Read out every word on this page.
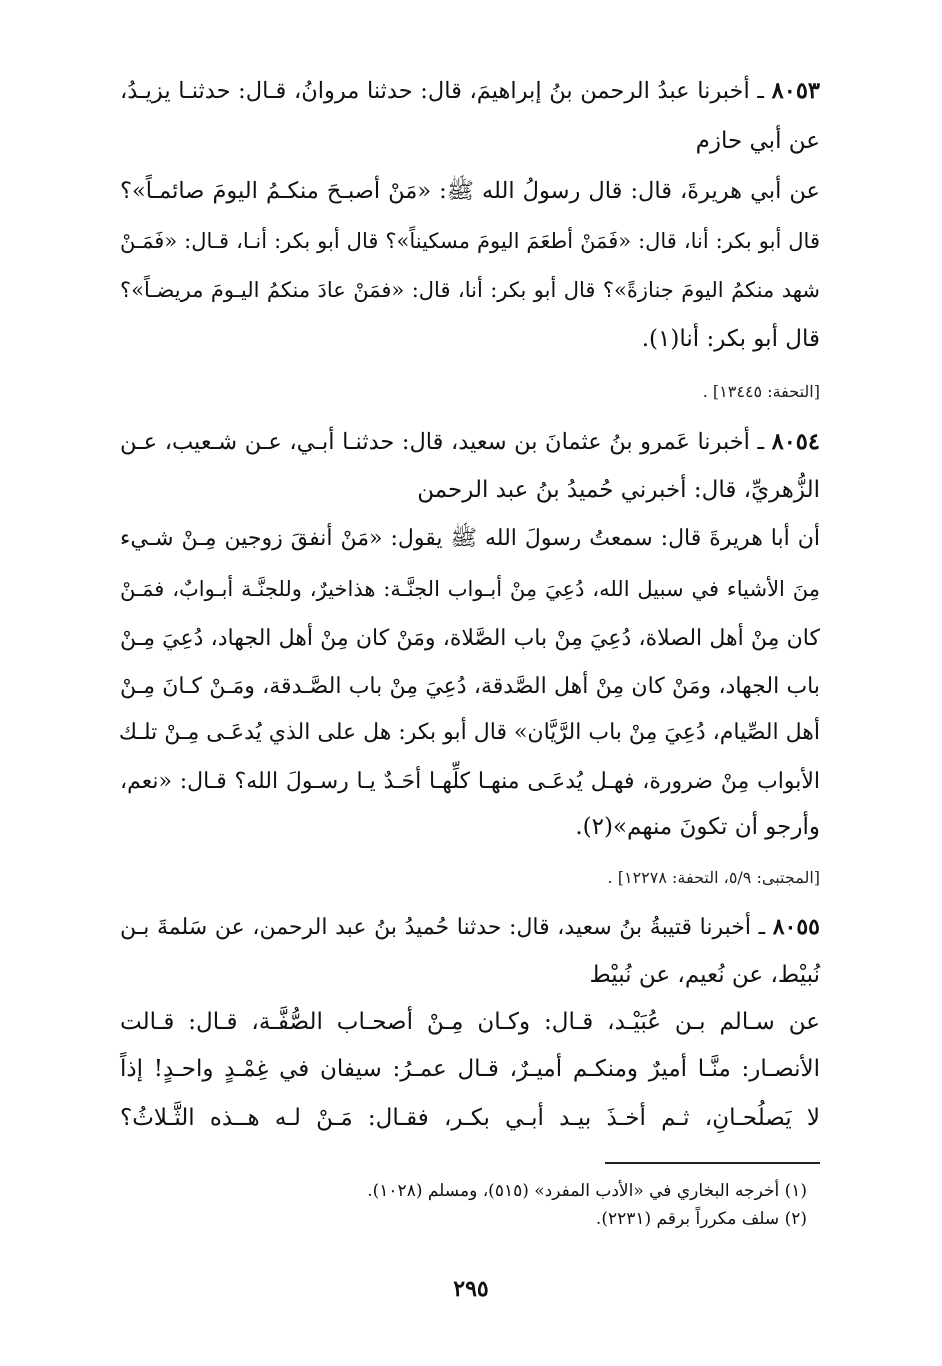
٨٠٥٣ ـ أخبرنا عبدُ الرحمن بنُ إبراهيمَ، قال: حدثنا مروانُ، قـال: حدثنـا يزيـدُ،
عن أبي حازم
عن أبي هريرةَ، قال: قال رسولُ الله ﷺ: «مَنْ أصبـحَ منكـمُ اليومَ صائمـاً»؟
قال أبو بكر: أنا، قال: «فَمَنْ أطعَمَ اليومَ مسكيناً»؟ قال أبو بكر: أنـا، قـال: «فَمَـنْ
شهد منكمُ اليومَ جنازةً»؟ قال أبو بكر: أنا، قال: «فمَنْ عادَ منكمُ اليـومَ مريضـاً»؟
قال أبو بكر: أنا(١).
[التحفة: ١٣٤٤٥] .
٨٠٥٤ ـ أخبرنا عَمرو بنُ عثمانَ بن سعيد، قال: حدثنـا أبـي، عـن شـعيب، عـن
الزُّهريِّ، قال: أخبرني حُميدُ بنُ عبد الرحمن
أن أبا هريرةَ قال: سمعتُ رسولَ الله ﷺ يقول: «مَنْ أنفقَ زوجين مِـنْ شـيء
مِنَ الأشياء في سبيل الله، دُعِيَ مِنْ أبـواب الجنَّـة: هذاخيرٌ، وللجنَّـة أبـوابٌ، فمَـنْ
كان مِنْ أهل الصلاة، دُعِيَ مِنْ باب الصَّلاة، ومَنْ كان مِنْ أهل الجهاد، دُعِيَ مِـنْ
باب الجهاد، ومَنْ كان مِنْ أهل الصَّدقة، دُعِيَ مِنْ باب الصَّـدقة، ومَـنْ كـانَ مِـنْ
أهل الصِّيام، دُعِيَ مِنْ باب الرَّيَّان» قال أبو بكر: هل على الذي يُدعَـى مِـنْ تلـك
الأبواب مِنْ ضرورة، فهـل يُدعَـى منهـا كلِّهـا أحَـدٌ يـا رسـولَ الله؟ قـال: «نعم،
وأرجو أن تكونَ منهم»(٢).
[المجتبى: ٥/٩، التحفة: ١٢٢٧٨] .
٨٠٥٥ ـ أخبرنا قتيبةُ بنُ سعيد، قال: حدثنا حُميدُ بنُ عبد الرحمن، عن سَلمةَ بـن
نُبيْط، عن نُعيم، عن نُبيْط
عن سـالم بـن عُبَيْـد، قـال: وكـان مِـنْ أصحـاب الصُّفَّـة، قـال: قـالت
الأنصـار: منَّـا أميرٌ ومنكـم أميـرٌ، قـال عمـرُ: سيفان في غِمْـدٍ واحـدٍ! إذاً
لا يَصلُحـانِ، ثـم أخـذَ بيـد أبـي بكـر، فقـال: مَـنْ لـه هــذه الثَّـلاثُ؟
(١) أخرجه البخاري في «الأدب المفرد» (٥١٥)، ومسلم (١٠٢٨).
(٢) سلف مكرراً برقم (٢٢٣١).
٢٩٥
